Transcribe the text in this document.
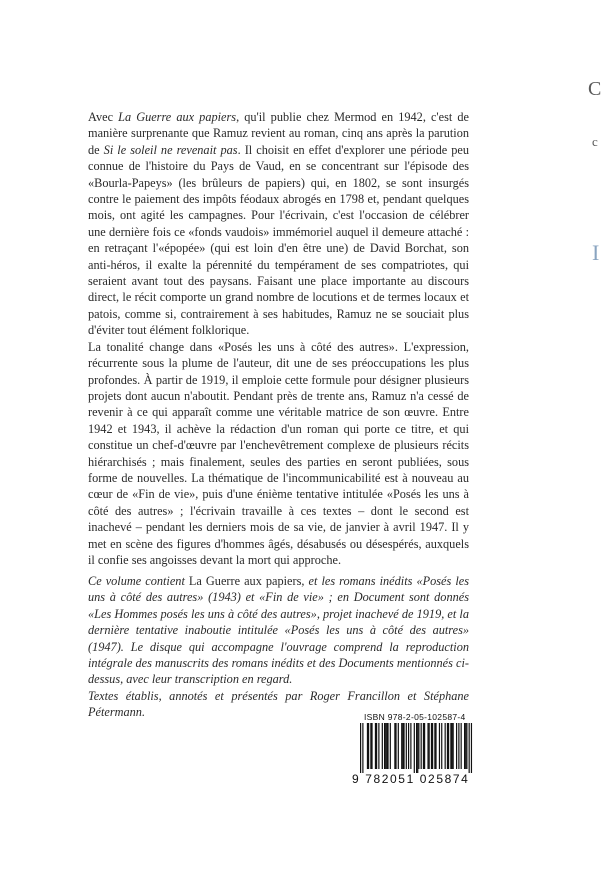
Avec La Guerre aux papiers, qu'il publie chez Mermod en 1942, c'est de manière surprenante que Ramuz revient au roman, cinq ans après la parution de Si le soleil ne revenait pas. Il choisit en effet d'explorer une période peu connue de l'histoire du Pays de Vaud, en se concentrant sur l'épisode des «Bourla-Papeys» (les brûleurs de papiers) qui, en 1802, se sont insurgés contre le paiement des impôts féodaux abrogés en 1798 et, pendant quelques mois, ont agité les campagnes. Pour l'écrivain, c'est l'occasion de célébrer une dernière fois ce «fonds vaudois» immémoriel auquel il demeure attaché : en retraçant l'«épopée» (qui est loin d'en être une) de David Borchat, son anti-héros, il exalte la pérennité du tempérament de ses compatriotes, qui seraient avant tout des paysans. Faisant une place importante au discours direct, le récit comporte un grand nombre de locutions et de termes locaux et patois, comme si, contrairement à ses habitudes, Ramuz ne se souciait plus d'éviter tout élément folklorique.

La tonalité change dans «Posés les uns à côté des autres». L'expression, récurrente sous la plume de l'auteur, dit une de ses préoccupations les plus profondes. À partir de 1919, il emploie cette formule pour désigner plusieurs projets dont aucun n'aboutit. Pendant près de trente ans, Ramuz n'a cessé de revenir à ce qui apparaît comme une véritable matrice de son œuvre. Entre 1942 et 1943, il achève la rédaction d'un roman qui porte ce titre, et qui constitue un chef-d'œuvre par l'enchevêtrement complexe de plusieurs récits hiérarchisés ; mais finalement, seules des parties en seront publiées, sous forme de nouvelles. La thématique de l'incommunicabilité est à nouveau au cœur de «Fin de vie», puis d'une énième tentative intitulée «Posés les uns à côté des autres» ; l'écrivain travaille à ces textes – dont le second est inachevé – pendant les derniers mois de sa vie, de janvier à avril 1947. Il y met en scène des figures d'hommes âgés, désabusés ou désespérés, auxquels il confie ses angoisses devant la mort qui approche.

Ce volume contient La Guerre aux papiers, et les romans inédits «Posés les uns à côté des autres» (1943) et «Fin de vie» ; en Document sont donnés «Les Hommes posés les uns à côté des autres», projet inachevé de 1919, et la dernière tentative inaboutie intitulée «Posés les uns à côté des autres» (1947). Le disque qui accompagne l'ouvrage comprend la reproduction intégrale des manuscrits des romans inédits et des Documents mentionnés ci-dessus, avec leur transcription en regard.

Textes établis, annotés et présentés par Roger Francillon et Stéphane Pétermann.	ISBN 978-2-05-102587-4
9 782051 025874
C
c
I
